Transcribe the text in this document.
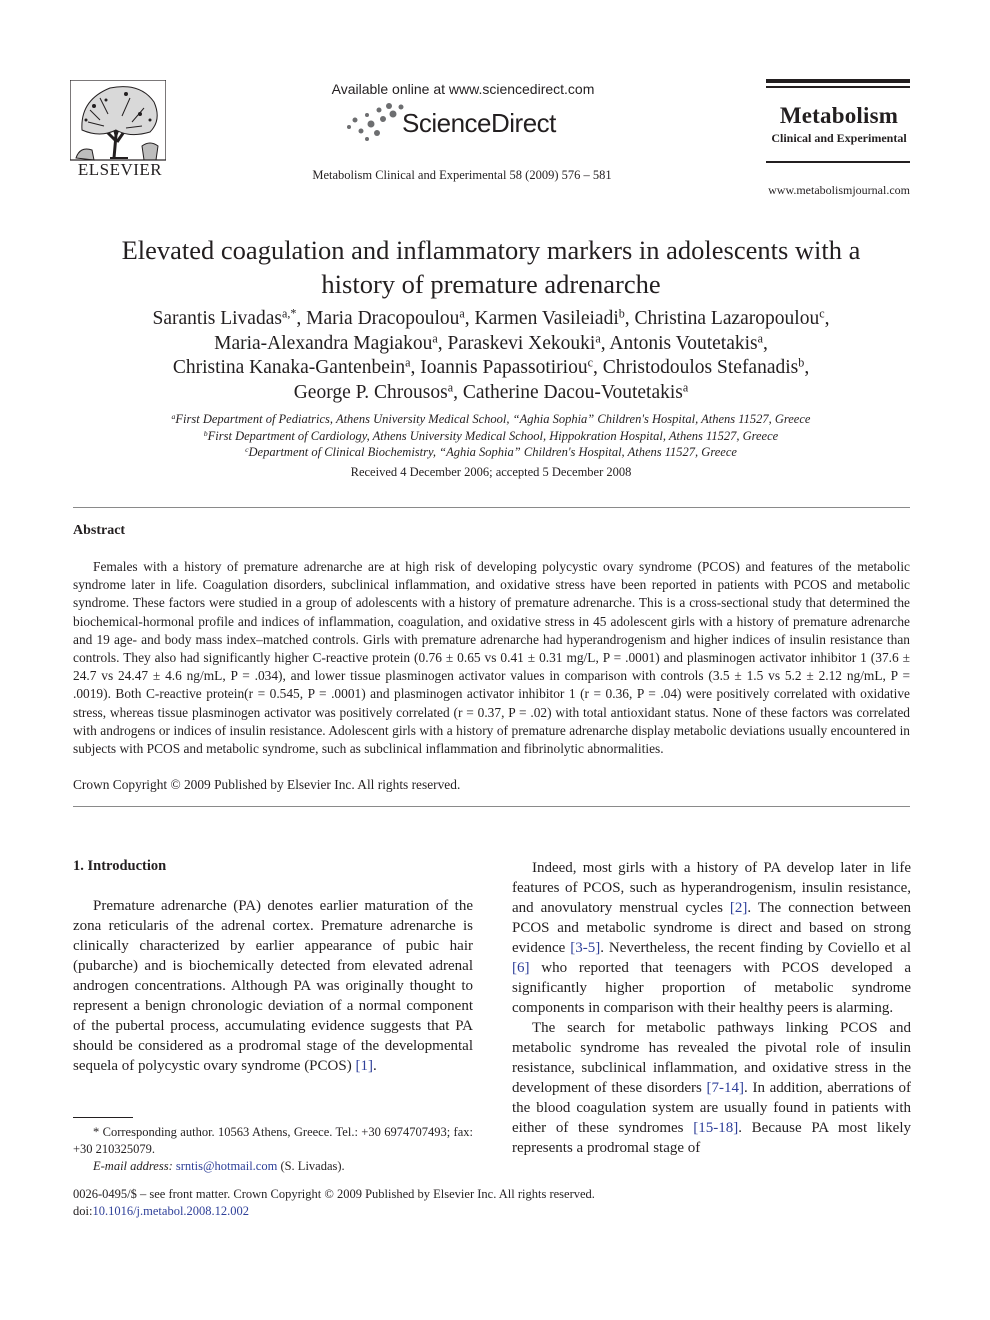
ELSEVIER
Available online at www.sciencedirect.com
ScienceDirect
Metabolism Clinical and Experimental 58 (2009) 576 – 581
Metabolism
Clinical and Experimental
www.metabolismjournal.com
Elevated coagulation and inflammatory markers in adolescents with a
history of premature adrenarche
Sarantis Livadas$^{a,*}$, Maria Dracopoulou$^a$, Karmen Vasileiadi$^b$, Christina Lazaropoulou$^c$,
Maria-Alexandra Magiakou$^a$, Paraskevi Xekouki$^a$, Antonis Voutetakis$^a$,
Christina Kanaka-Gantenbein$^a$, Ioannis Papassotiriou$^c$, Christodoulos Stefanadis$^b$,
George P. Chrousos$^a$, Catherine Dacou-Voutetakis$^a$
$^a$First Department of Pediatrics, Athens University Medical School, “Aghia Sophia” Children's Hospital, Athens 11527, Greece
$^b$First Department of Cardiology, Athens University Medical School, Hippokration Hospital, Athens 11527, Greece
$^c$Department of Clinical Biochemistry, “Aghia Sophia” Children's Hospital, Athens 11527, Greece
Received 4 December 2006; accepted 5 December 2008
Abstract
Females with a history of premature adrenarche are at high risk of developing polycystic ovary syndrome (PCOS) and features of the metabolic syndrome later in life. Coagulation disorders, subclinical inflammation, and oxidative stress have been reported in patients with PCOS and metabolic syndrome. These factors were studied in a group of adolescents with a history of premature adrenarche. This is a cross-sectional study that determined the biochemical-hormonal profile and indices of inflammation, coagulation, and oxidative stress in 45 adolescent girls with a history of premature adrenarche and 19 age- and body mass index–matched controls. Girls with premature adrenarche had hyperandrogenism and higher indices of insulin resistance than controls. They also had significantly higher C-reactive protein (0.76 ± 0.65 vs 0.41 ± 0.31 mg/L, P = .0001) and plasminogen activator inhibitor 1 (37.6 ± 24.7 vs 24.47 ± 4.6 ng/mL, P = .034), and lower tissue plasminogen activator values in comparison with controls (3.5 ± 1.5 vs 5.2 ± 2.12 ng/mL, P = .0019). Both C-reactive protein(r = 0.545, P = .0001) and plasminogen activator inhibitor 1 (r = 0.36, P = .04) were positively correlated with oxidative stress, whereas tissue plasminogen activator was positively correlated (r = 0.37, P = .02) with total antioxidant status. None of these factors was correlated with androgens or indices of insulin resistance. Adolescent girls with a history of premature adrenarche display metabolic deviations usually encountered in subjects with PCOS and metabolic syndrome, such as subclinical inflammation and fibrinolytic abnormalities.
Crown Copyright © 2009 Published by Elsevier Inc. All rights reserved.
1. Introduction
Premature adrenarche (PA) denotes earlier maturation of the zona reticularis of the adrenal cortex. Premature adrenarche is clinically characterized by earlier appearance of pubic hair (pubarche) and is biochemically detected from elevated adrenal androgen concentrations. Although PA was originally thought to represent a benign chronologic deviation of a normal component of the pubertal process, accumulating evidence suggests that PA should be considered as a prodromal stage of the developmental sequela of polycystic ovary syndrome (PCOS) [1].

Indeed, most girls with a history of PA develop later in life features of PCOS, such as hyperandrogenism, insulin resistance, and anovulatory menstrual cycles [2]. The connection between PCOS and metabolic syndrome is direct and based on strong evidence [3-5]. Nevertheless, the recent finding by Coviello et al [6] who reported that teenagers with PCOS developed a significantly higher proportion of metabolic syndrome components in comparison with their healthy peers is alarming.

The search for metabolic pathways linking PCOS and metabolic syndrome has revealed the pivotal role of insulin resistance, subclinical inflammation, and oxidative stress in the development of these disorders [7-14]. In addition, aberrations of the blood coagulation system are usually found in patients with either of these syndromes [15-18]. Because PA most likely represents a prodromal stage of

* Corresponding author. 10563 Athens, Greece. Tel.: +30 6974707493; fax: +30 210325079.
E-mail address: srntis@hotmail.com (S. Livadas).
0026-0495/$ – see front matter. Crown Copyright © 2009 Published by Elsevier Inc. All rights reserved.
doi:10.1016/j.metabol.2008.12.002
